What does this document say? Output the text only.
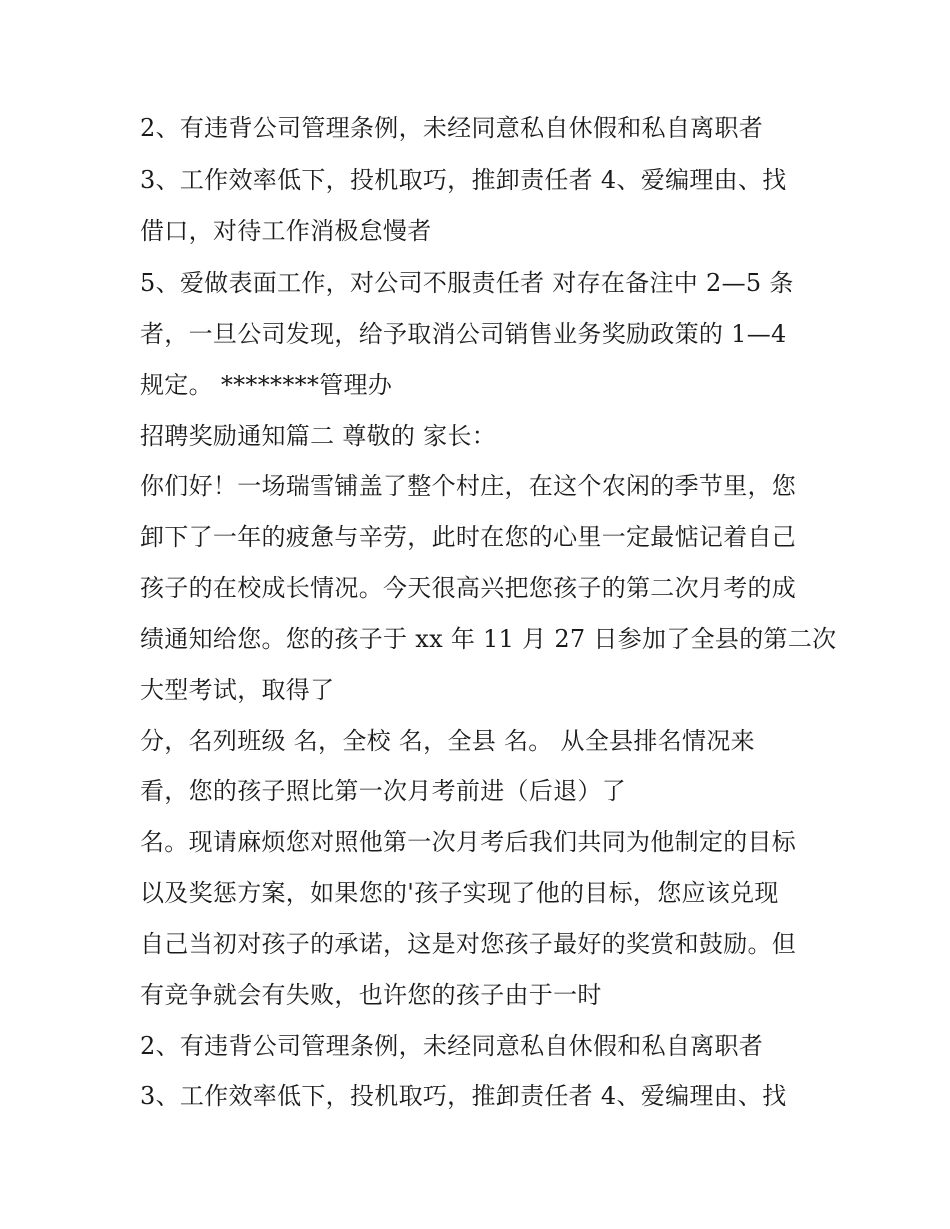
2、有违背公司管理条例，未经同意私自休假和私自离职者
3、工作效率低下，投机取巧，推卸责任者 4、爱编理由、找
借口，对待工作消极怠慢者
5、爱做表面工作，对公司不服责任者 对存在备注中 2—5 条
者，一旦公司发现，给予取消公司销售业务奖励政策的 1—4
规定。 ********管理办
招聘奖励通知篇二 尊敬的 家长：
你们好！一场瑞雪铺盖了整个村庄，在这个农闲的季节里，您
卸下了一年的疲惫与辛劳，此时在您的心里一定最惦记着自己
孩子的在校成长情况。今天很高兴把您孩子的第二次月考的成
绩通知给您。您的孩子于 xx 年 11 月 27 日参加了全县的第二次
大型考试，取得了
分，名列班级 名，全校 名，全县 名。 从全县排名情况来
看，您的孩子照比第一次月考前进（后退）了
名。现请麻烦您对照他第一次月考后我们共同为他制定的目标
以及奖惩方案，如果您的'孩子实现了他的目标，您应该兑现
自己当初对孩子的承诺，这是对您孩子最好的奖赏和鼓励。但
有竞争就会有失败，也许您的孩子由于一时
2、有违背公司管理条例，未经同意私自休假和私自离职者
3、工作效率低下，投机取巧，推卸责任者 4、爱编理由、找
